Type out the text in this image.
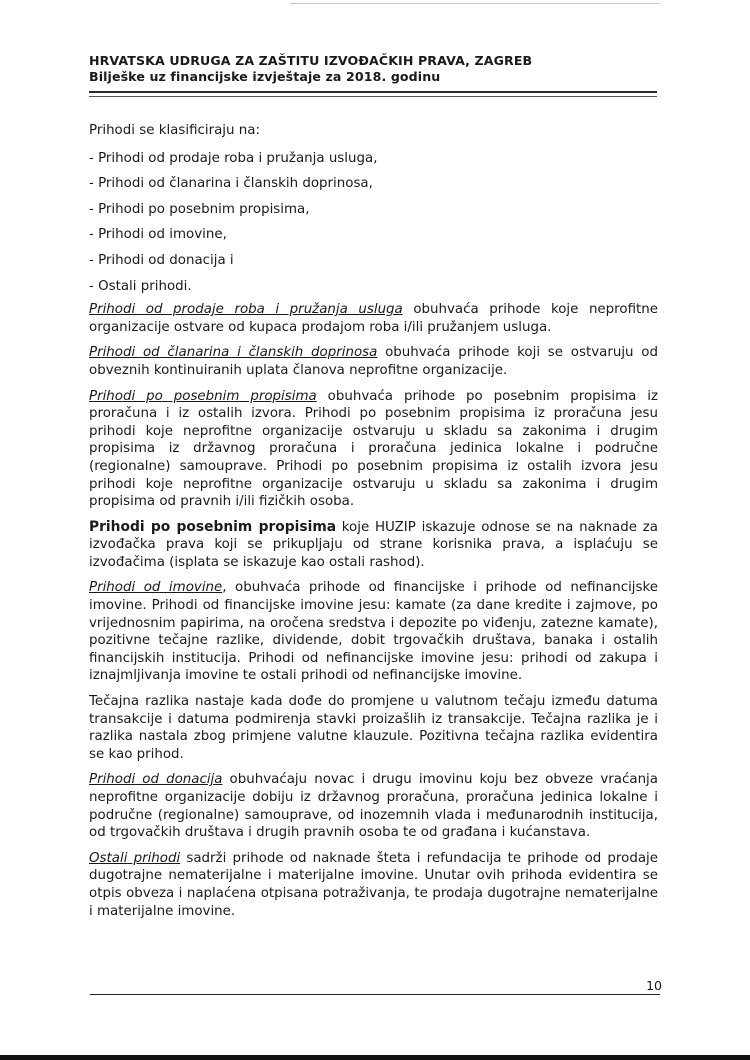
HRVATSKA UDRUGA ZA ZAŠTITU IZVOĐAČKIH PRAVA, ZAGREB
Bilješke uz financijske izvještaje za 2018. godinu

Prihodi se klasificiraju na:

- Prihodi od prodaje roba i pružanja usluga,
- Prihodi od članarina i članskih doprinosa,
- Prihodi po posebnim propisima,
- Prihodi od imovine,
- Prihodi od donacija i
- Ostali prihodi.

Prihodi od prodaje roba i pružanja usluga obuhvaća prihode koje neprofitne organizacije ostvare od kupaca prodajom roba i/ili pružanjem usluga.

Prihodi od članarina i članskih doprinosa obuhvaća prihode koji se ostvaruju od obveznih kontinuiranih uplata članova neprofitne organizacije.

Prihodi po posebnim propisima obuhvaća prihode po posebnim propisima iz proračuna i iz ostalih izvora. Prihodi po posebnim propisima iz proračuna jesu prihodi koje neprofitne organizacije ostvaruju u skladu sa zakonima i drugim propisima iz državnog proračuna i proračuna jedinica lokalne i područne (regionalne) samouprave. Prihodi po posebnim propisima iz ostalih izvora jesu prihodi koje neprofitne organizacije ostvaruju u skladu sa zakonima i drugim propisima od pravnih i/ili fizičkih osoba.

Prihodi po posebnim propisima koje HUZIP iskazuje odnose se na naknade za izvođačka prava koji se prikupljaju od strane korisnika prava, a isplaćuju se izvođačima (isplata se iskazuje kao ostali rashod).

Prihodi od imovine, obuhvaća prihode od financijske i prihode od nefinancijske imovine. Prihodi od financijske imovine jesu: kamate (za dane kredite i zajmove, po vrijednosnim papirima, na oročena sredstva i depozite po viđenju, zatezne kamate), pozitivne tečajne razlike, dividende, dobit trgovačkih društava, banaka i ostalih financijskih institucija. Prihodi od nefinancijske imovine jesu: prihodi od zakupa i iznajmljivanja imovine te ostali prihodi od nefinancijske imovine.

Tečajna razlika nastaje kada dođe do promjene u valutnom tečaju između datuma transakcije i datuma podmirenja stavki proizašlih iz transakcije. Tečajna razlika je i razlika nastala zbog primjene valutne klauzule. Pozitivna tečajna razlika evidentira se kao prihod.

Prihodi od donacija obuhvaćaju novac i drugu imovinu koju bez obveze vraćanja neprofitne organizacije dobiju iz državnog proračuna, proračuna jedinica lokalne i područne (regionalne) samouprave, od inozemnih vlada i međunarodnih institucija, od trgovačkih društava i drugih pravnih osoba te od građana i kućanstava.

Ostali prihodi sadrži prihode od naknade šteta i refundacija te prihode od prodaje dugotrajne nematerijalne i materijalne imovine. Unutar ovih prihoda evidentira se otpis obveza i naplaćena otpisana potraživanja, te prodaja dugotrajne nematerijalne i materijalne imovine.

10
